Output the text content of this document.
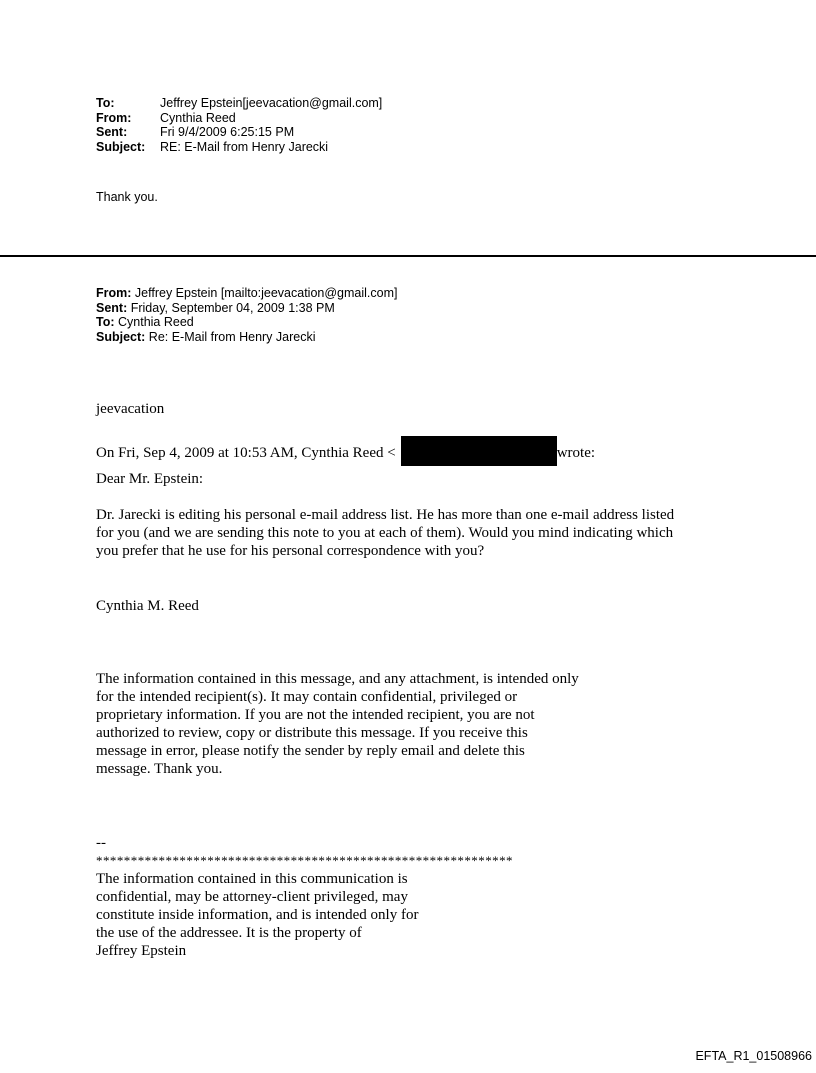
To:	Jeffrey Epstein[jeevacation@gmail.com]
From:	Cynthia Reed
Sent:	Fri 9/4/2009 6:25:15 PM
Subject:	RE: E-Mail from Henry Jarecki
Thank you.
From: Jeffrey Epstein [mailto:jeevacation@gmail.com]
Sent: Friday, September 04, 2009 1:38 PM
To: Cynthia Reed
Subject: Re: E-Mail from Henry Jarecki
jeevacation
On Fri, Sep 4, 2009 at 10:53 AM, Cynthia Reed <	wrote:
Dear Mr. Epstein:
Dr. Jarecki is editing his personal e-mail address list. He has more than one e-mail address listed
for you (and we are sending this note to you at each of them). Would you mind indicating which
you prefer that he use for his personal correspondence with you?
Cynthia M. Reed
The information contained in this message, and any attachment, is intended only
for the intended recipient(s). It may contain confidential, privileged or
proprietary information. If you are not the intended recipient, you are not
authorized to review, copy or distribute this message. If you receive this
message in error, please notify the sender by reply email and delete this
message. Thank you.
--
************************************************************
The information contained in this communication is
confidential, may be attorney-client privileged, may
constitute inside information, and is intended only for
the use of the addressee. It is the property of
Jeffrey Epstein
EFTA_R1_01508966
